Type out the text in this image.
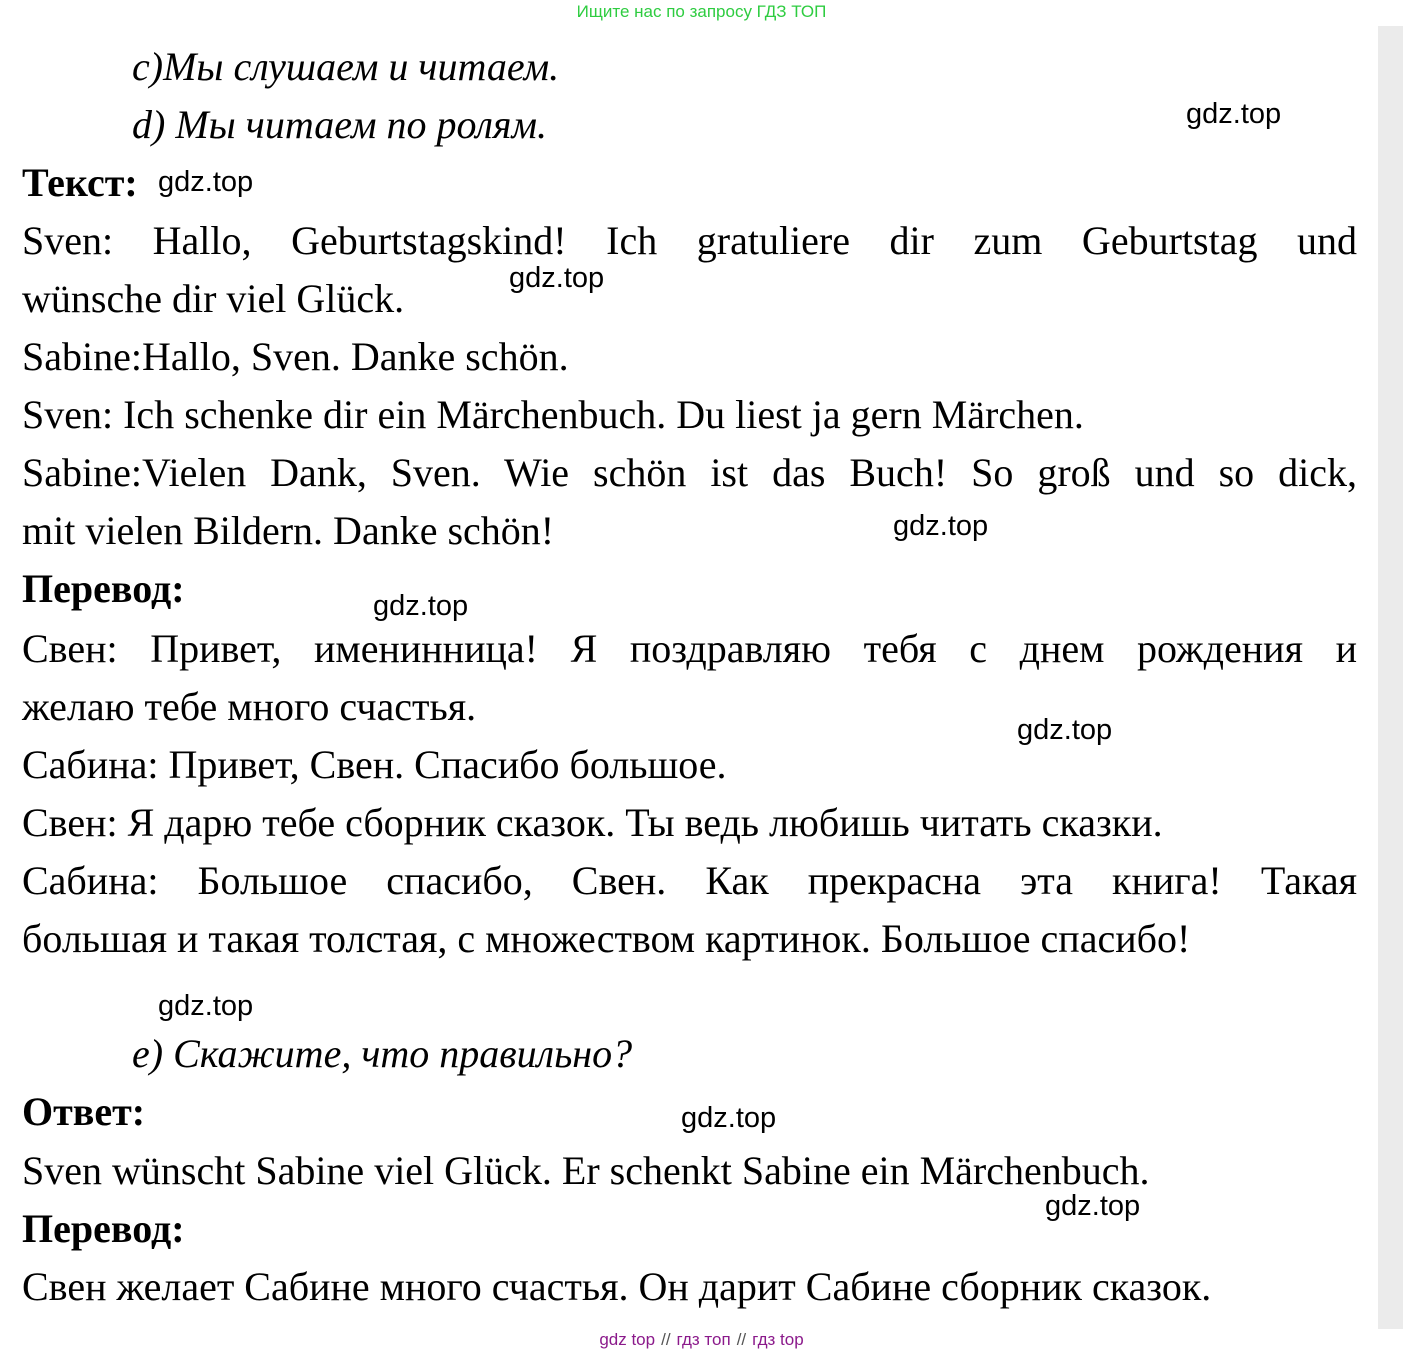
Ищите нас по запросу ГДЗ ТОП
c)Мы слушаем и читаем.
d) Мы читаем по ролям.
Текст:
Sven: Hallo, Geburtstagskind! Ich gratuliere dir zum Geburtstag und
wünsche dir viel Glück.
Sabine:Hallo, Sven. Danke schön.
Sven: Ich schenke dir ein Märchenbuch. Du liest ja gern Märchen.
Sabine:Vielen Dank, Sven. Wie schön ist das Buch! So groß und so dick,
mit vielen Bildern. Danke schön!
Перевод:
Свен: Привет, именинница! Я поздравляю тебя с днем рождения и
желаю тебе много счастья.
Сабина: Привет, Свен. Спасибо большое.
Свен: Я дарю тебе сборник сказок. Ты ведь любишь читать сказки.
Сабина: Большое спасибо, Свен. Как прекрасна эта книга! Такая
большая и такая толстая, с множеством картинок. Большое спасибо!
e) Скажите, что правильно?
Ответ:
Sven wünscht Sabine viel Glück. Er schenkt Sabine ein Märchenbuch.
Перевод:
Свен желает Сабине много счастья. Он дарит Сабине сборник сказок.
gdz.top
gdz.top
gdz.top
gdz.top
gdz.top
gdz.top
gdz.top
gdz.top
gdz.top
gdz top // гдз топ // гдз top
